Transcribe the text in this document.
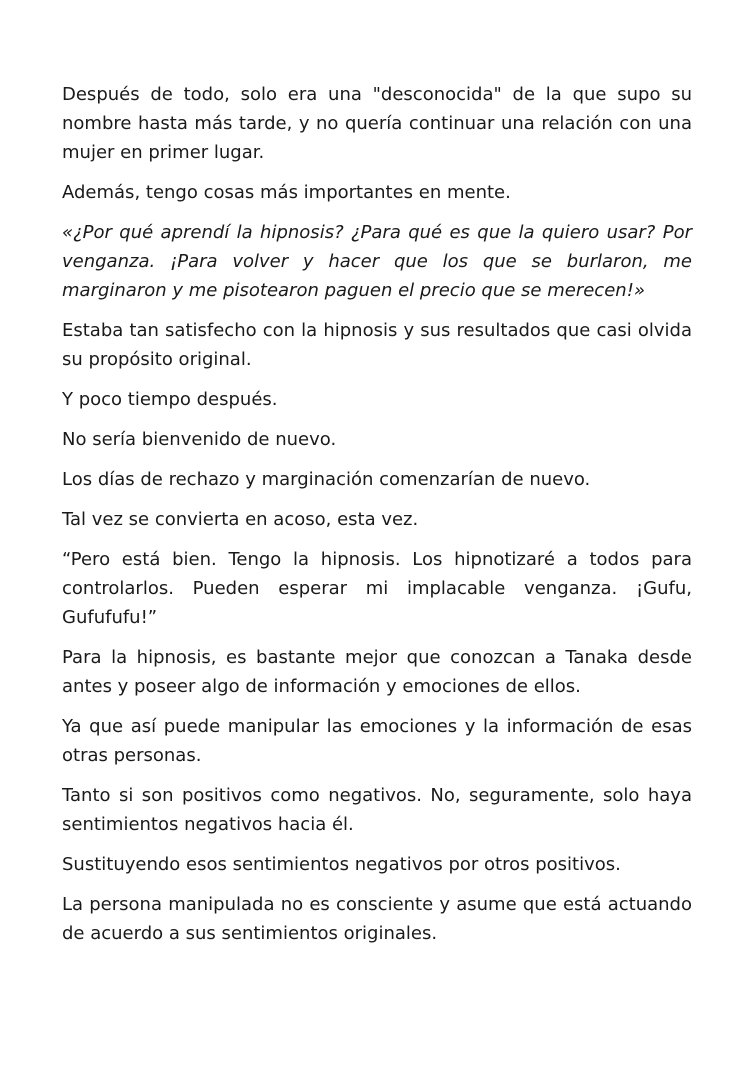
Después de todo, solo era una "desconocida" de la que supo su nombre hasta más tarde, y no quería continuar una relación con una mujer en primer lugar.

Además, tengo cosas más importantes en mente.

«¿Por qué aprendí la hipnosis? ¿Para qué es que la quiero usar? Por venganza. ¡Para volver y hacer que los que se burlaron, me marginaron y me pisotearon paguen el precio que se merecen!»

Estaba tan satisfecho con la hipnosis y sus resultados que casi olvida su propósito original.

Y poco tiempo después.

No sería bienvenido de nuevo.

Los días de rechazo y marginación comenzarían de nuevo.

Tal vez se convierta en acoso, esta vez.

“Pero está bien. Tengo la hipnosis. Los hipnotizaré a todos para controlarlos. Pueden esperar mi implacable venganza. ¡Gufu, Gufufufu!”

Para la hipnosis, es bastante mejor que conozcan a Tanaka desde antes y poseer algo de información y emociones de ellos.

Ya que así puede manipular las emociones y la información de esas otras personas.

Tanto si son positivos como negativos. No, seguramente, solo haya sentimientos negativos hacia él.

Sustituyendo esos sentimientos negativos por otros positivos.

La persona manipulada no es consciente y asume que está actuando de acuerdo a sus sentimientos originales.
